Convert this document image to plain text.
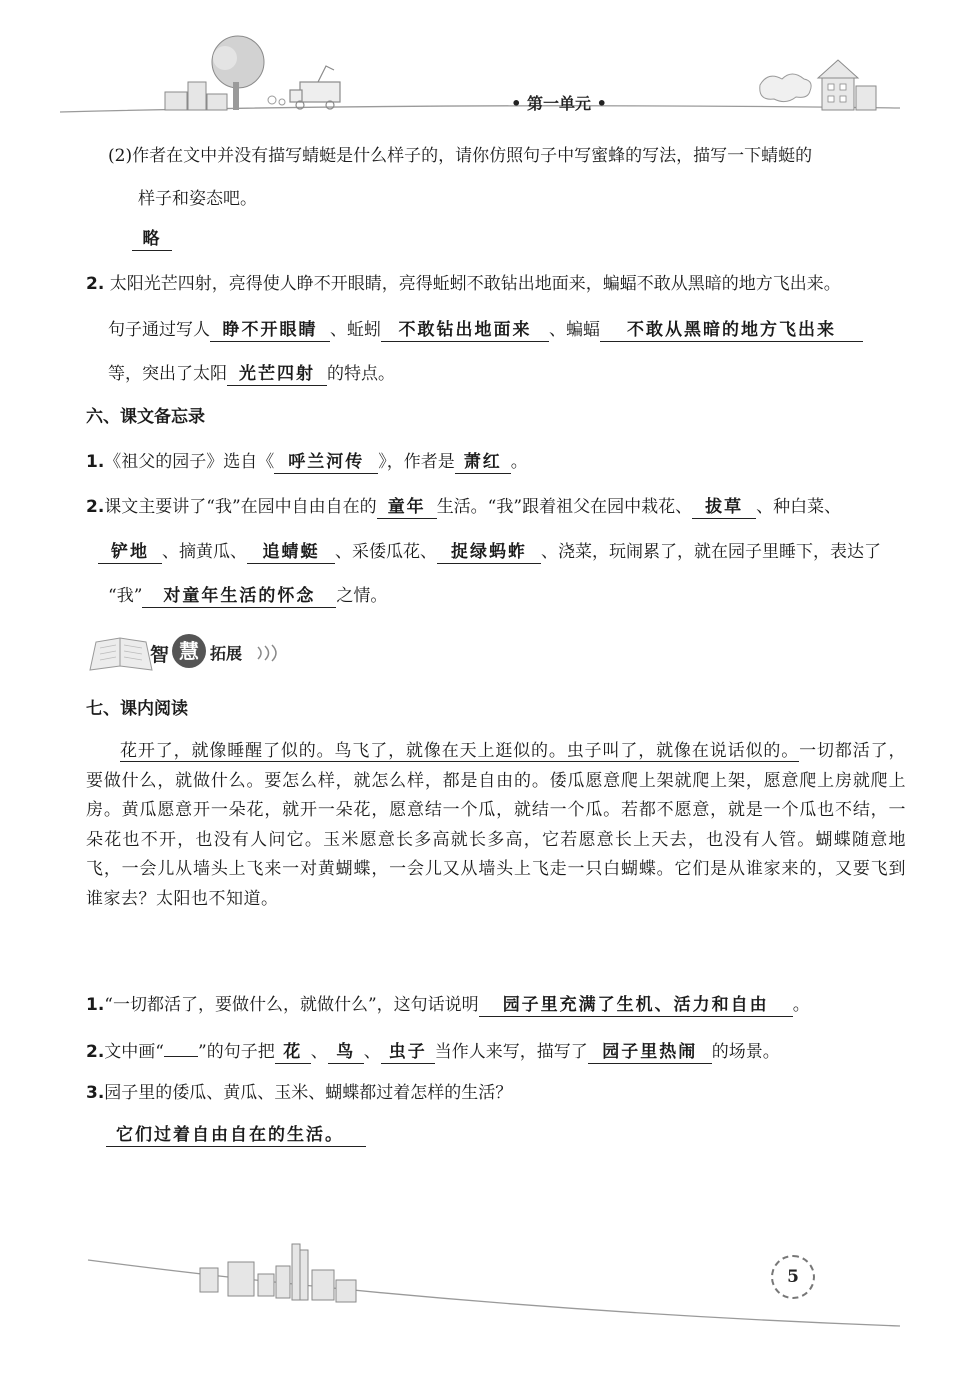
• 第一单元 •
(2)作者在文中并没有描写蜻蜓是什么样子的，请你仿照句子中写蜜蜂的写法，描写一下蜻蜓的
样子和姿态吧。
略
2. 太阳光芒四射，亮得使人睁不开眼睛，亮得蚯蚓不敢钻出地面来，蝙蝠不敢从黑暗的地方飞出来。
句子通过写人 睁不开眼睛 、蚯蚓 不敢钻出地面来 、蝙蝠 不敢从黑暗的地方飞出来
等，突出了太阳 光芒四射 的特点。
六、课文备忘录
1.《祖父的园子》选自《 呼兰河传 》，作者是 萧红 。
2.课文主要讲了“我”在园中自由自在的 童年 生活。“我”跟着祖父在园中栽花、 拔草 、种白菜、
铲地 、摘黄瓜、 追蜻蜓 、采倭瓜花、 捉绿蚂蚱 、浇菜，玩闹累了，就在园子里睡下，表达了
“我” 对童年生活的怀念 之情。
智 慧 拓展
七、课内阅读
花开了，就像睡醒了似的。鸟飞了，就像在天上逛似的。虫子叫了，就像在说话似的。一切都活了，要做什么，就做什么。要怎么样，就怎么样，都是自由的。倭瓜愿意爬上架就爬上架，愿意爬上房就爬上房。黄瓜愿意开一朵花，就开一朵花，愿意结一个瓜，就结一个瓜。若都不愿意，就是一个瓜也不结，一朵花也不开，也没有人问它。玉米愿意长多高就长多高，它若愿意长上天去，也没有人管。蝴蝶随意地飞，一会儿从墙头上飞来一对黄蝴蝶，一会儿又从墙头上飞走一只白蝴蝶。它们是从谁家来的，又要飞到谁家去？太阳也不知道。
1.“一切都活了，要做什么，就做什么”，这句话说明 园子里充满了生机、活力和自由 。
2.文中画“ ”的句子把 花 、 鸟 、 虫子 当作人来写，描写了 园子里热闹 的场景。
3.园子里的倭瓜、黄瓜、玉米、蝴蝶都过着怎样的生活？
它们过着自由自在的生活。
5
